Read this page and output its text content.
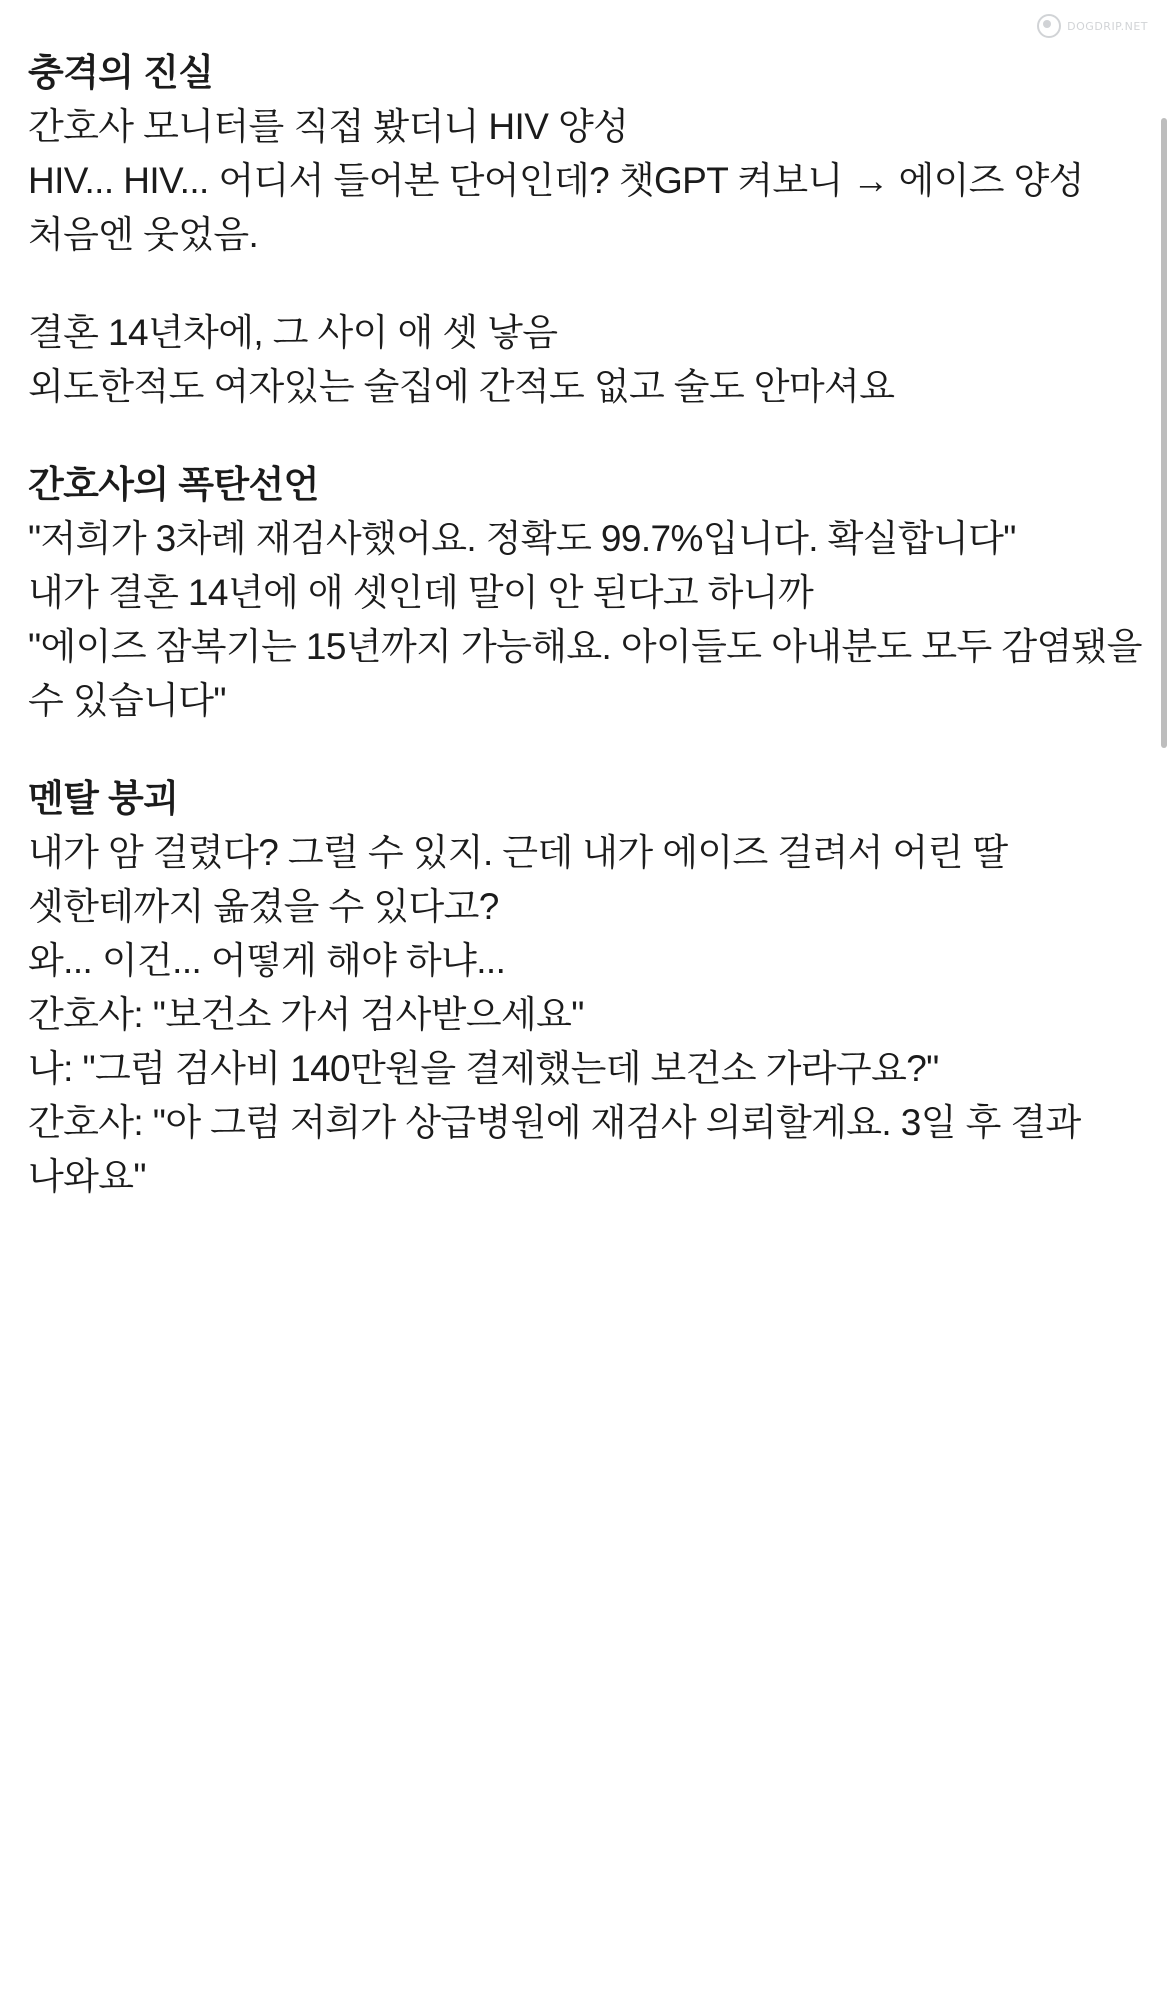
DOGDRIP.NET

충격의 진실

간호사 모니터를 직접 봤더니 HIV 양성

HIV... HIV... 어디서 들어본 단어인데? 챗GPT 켜보니 → 에이즈 양성

처음엔 웃었음.

결혼 14년차에, 그 사이 애 셋 낳음

외도한적도 여자있는 술집에 간적도 없고 술도 안마셔요

간호사의 폭탄선언

"저희가 3차례 재검사했어요. 정확도 99.7%입니다. 확실합니다"

내가 결혼 14년에 애 셋인데 말이 안 된다고 하니까

"에이즈 잠복기는 15년까지 가능해요. 아이들도 아내분도 모두 감염됐을 수 있습니다"

멘탈 붕괴

내가 암 걸렸다? 그럴 수 있지. 근데 내가 에이즈 걸려서 어린 딸 셋한테까지 옮겼을 수 있다고?

와... 이건... 어떻게 해야 하냐...

간호사: "보건소 가서 검사받으세요"

나: "그럼 검사비 140만원을 결제했는데 보건소 가라구요?"

간호사: "아 그럼 저희가 상급병원에 재검사 의뢰할게요. 3일 후 결과 나와요"
